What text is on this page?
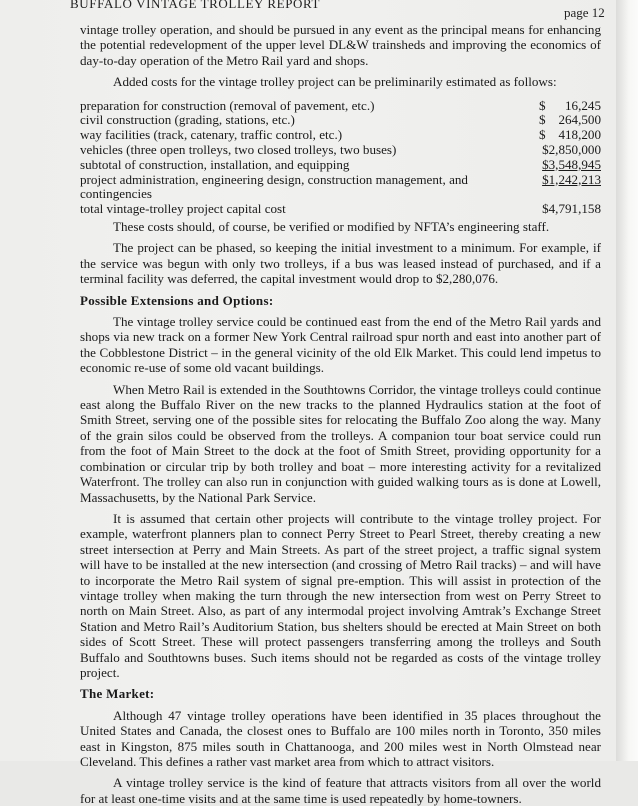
BUFFALO VINTAGE TROLLEY REPORT
page 12

vintage trolley operation, and should be pursued in any event as the principal means for enhancing the potential redevelopment of the upper level DL&W trainsheds and improving the economics of day-to-day operation of the Metro Rail yard and shops.

Added costs for the vintage trolley project can be preliminarily estimated as follows:

preparation for construction (removal of pavement, etc.)	$ 16,245
civil construction (grading, stations, etc.)	$ 264,500
way facilities (track, catenary, traffic control, etc.)	$ 418,200
vehicles (three open trolleys, two closed trolleys, two buses)	$2,850,000
subtotal of construction, installation, and equipping	$3,548,945
project administration, engineering design, construction management, and contingencies	$1,242,213
total vintage-trolley project capital cost	$4,791,158

These costs should, of course, be verified or modified by NFTA’s engineering staff.

The project can be phased, so keeping the initial investment to a minimum. For example, if the service was begun with only two trolleys, if a bus was leased instead of purchased, and if a terminal facility was deferred, the capital investment would drop to $2,280,076.

Possible Extensions and Options:

The vintage trolley service could be continued east from the end of the Metro Rail yards and shops via new track on a former New York Central railroad spur north and east into another part of the Cobblestone District – in the general vicinity of the old Elk Market. This could lend impetus to economic re-use of some old vacant buildings.

When Metro Rail is extended in the Southtowns Corridor, the vintage trolleys could continue east along the Buffalo River on the new tracks to the planned Hydraulics station at the foot of Smith Street, serving one of the possible sites for relocating the Buffalo Zoo along the way. Many of the grain silos could be observed from the trolleys. A companion tour boat service could run from the foot of Main Street to the dock at the foot of Smith Street, providing opportunity for a combination or circular trip by both trolley and boat – more interesting activity for a revitalized Waterfront. The trolley can also run in conjunction with guided walking tours as is done at Lowell, Massachusetts, by the National Park Service.

It is assumed that certain other projects will contribute to the vintage trolley project. For example, waterfront planners plan to connect Perry Street to Pearl Street, thereby creating a new street intersection at Perry and Main Streets. As part of the street project, a traffic signal system will have to be installed at the new intersection (and crossing of Metro Rail tracks) – and will have to incorporate the Metro Rail system of signal pre-emption. This will assist in protection of the vintage trolley when making the turn through the new intersection from west on Perry Street to north on Main Street. Also, as part of any intermodal project involving Amtrak’s Exchange Street Station and Metro Rail’s Auditorium Station, bus shelters should be erected at Main Street on both sides of Scott Street. These will protect passengers transferring among the trolleys and South Buffalo and Southtowns buses. Such items should not be regarded as costs of the vintage trolley project.

The Market:

Although 47 vintage trolley operations have been identified in 35 places throughout the United States and Canada, the closest ones to Buffalo are 100 miles north in Toronto, 350 miles east in Kingston, 875 miles south in Chattanooga, and 200 miles west in North Olmstead near Cleveland. This defines a rather vast market area from which to attract visitors.

A vintage trolley service is the kind of feature that attracts visitors from all over the world for at least one-time visits and at the same time is used repeatedly by home-towners.
